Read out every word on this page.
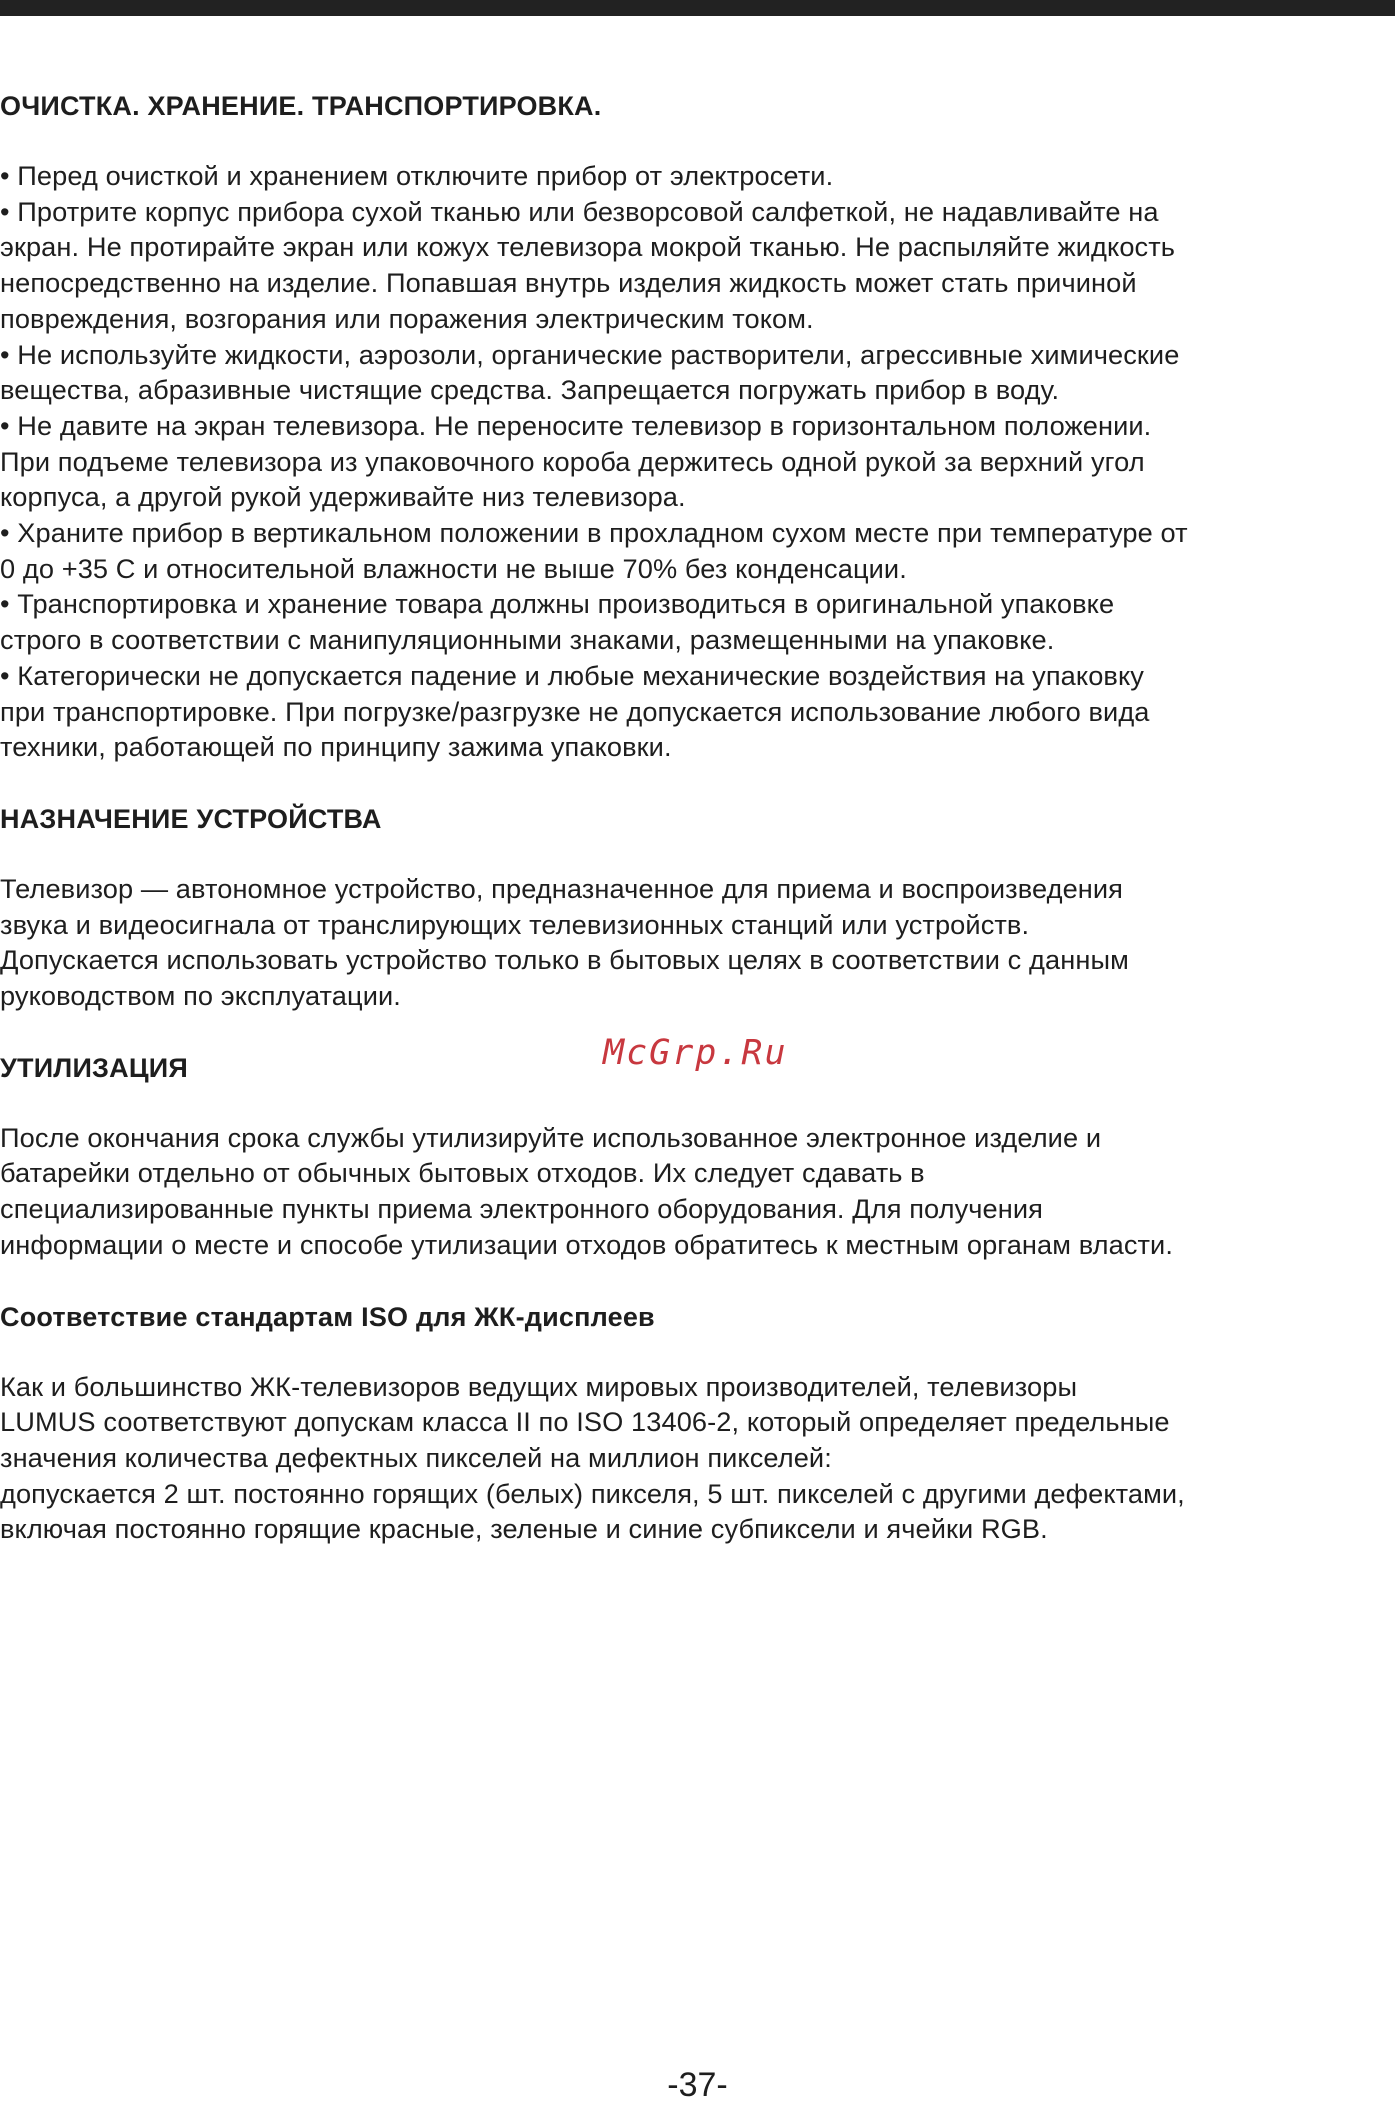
ОЧИСТКА. ХРАНЕНИЕ. ТРАНСПОРТИРОВКА.

• Перед очисткой и хранением отключите прибор от электросети.

• Протрите корпус прибора сухой тканью или безворсовой салфеткой, не надавливайте на

экран. Не протирайте экран или кожух телевизора мокрой тканью. Не распыляйте жидкость

непосредственно на изделие. Попавшая внутрь изделия жидкость может стать причиной

повреждения, возгорания или поражения электрическим током.

• Не используйте жидкости, аэрозоли, органические растворители, агрессивные химические

вещества, абразивные чистящие средства. Запрещается погружать прибор в воду.

• Не давите на экран телевизора. Не переносите телевизор в горизонтальном положении.

При подъеме телевизора из упаковочного короба держитесь одной рукой за верхний угол

корпуса, а другой рукой удерживайте низ телевизора.

• Храните прибор в вертикальном положении в прохладном сухом месте при температуре от

0 до +35 С и относительной влажности не выше 70% без конденсации.

• Транспортировка и хранение товара должны производиться в оригинальной упаковке

строго в соответствии с манипуляционными знаками, размещенными на упаковке.

• Категорически не допускается падение и любые механические воздействия на упаковку

при транспортировке. При погрузке/разгрузке не допускается использование любого вида

техники, работающей по принципу зажима упаковки.

НАЗНАЧЕНИЕ УСТРОЙСТВА

Телевизор — автономное устройство, предназначенное для приема и воспроизведения

звука и видеосигнала от транслирующих телевизионных станций или устройств.

Допускается использовать устройство только в бытовых целях в соответствии с данным

руководством по эксплуатации.

УТИЛИЗАЦИЯ

После окончания срока службы утилизируйте использованное электронное изделие и

батарейки отдельно от обычных бытовых отходов. Их следует сдавать в

специализированные пункты приема электронного оборудования. Для получения

информации о месте и способе утилизации отходов обратитесь к местным органам власти.

Соответствие стандартам ISO для ЖК-дисплеев

Как и большинство ЖК-телевизоров ведущих мировых производителей, телевизоры

LUMUS соответствуют допускам класса II по ISO 13406-2, который определяет предельные

значения количества дефектных пикселей на миллион пикселей:

допускается 2 шт. постоянно горящих (белых) пикселя, 5 шт. пикселей с другими дефектами,

включая постоянно горящие красные, зеленые и синие субпиксели и ячейки RGB.

McGrp.Ru
-37-
